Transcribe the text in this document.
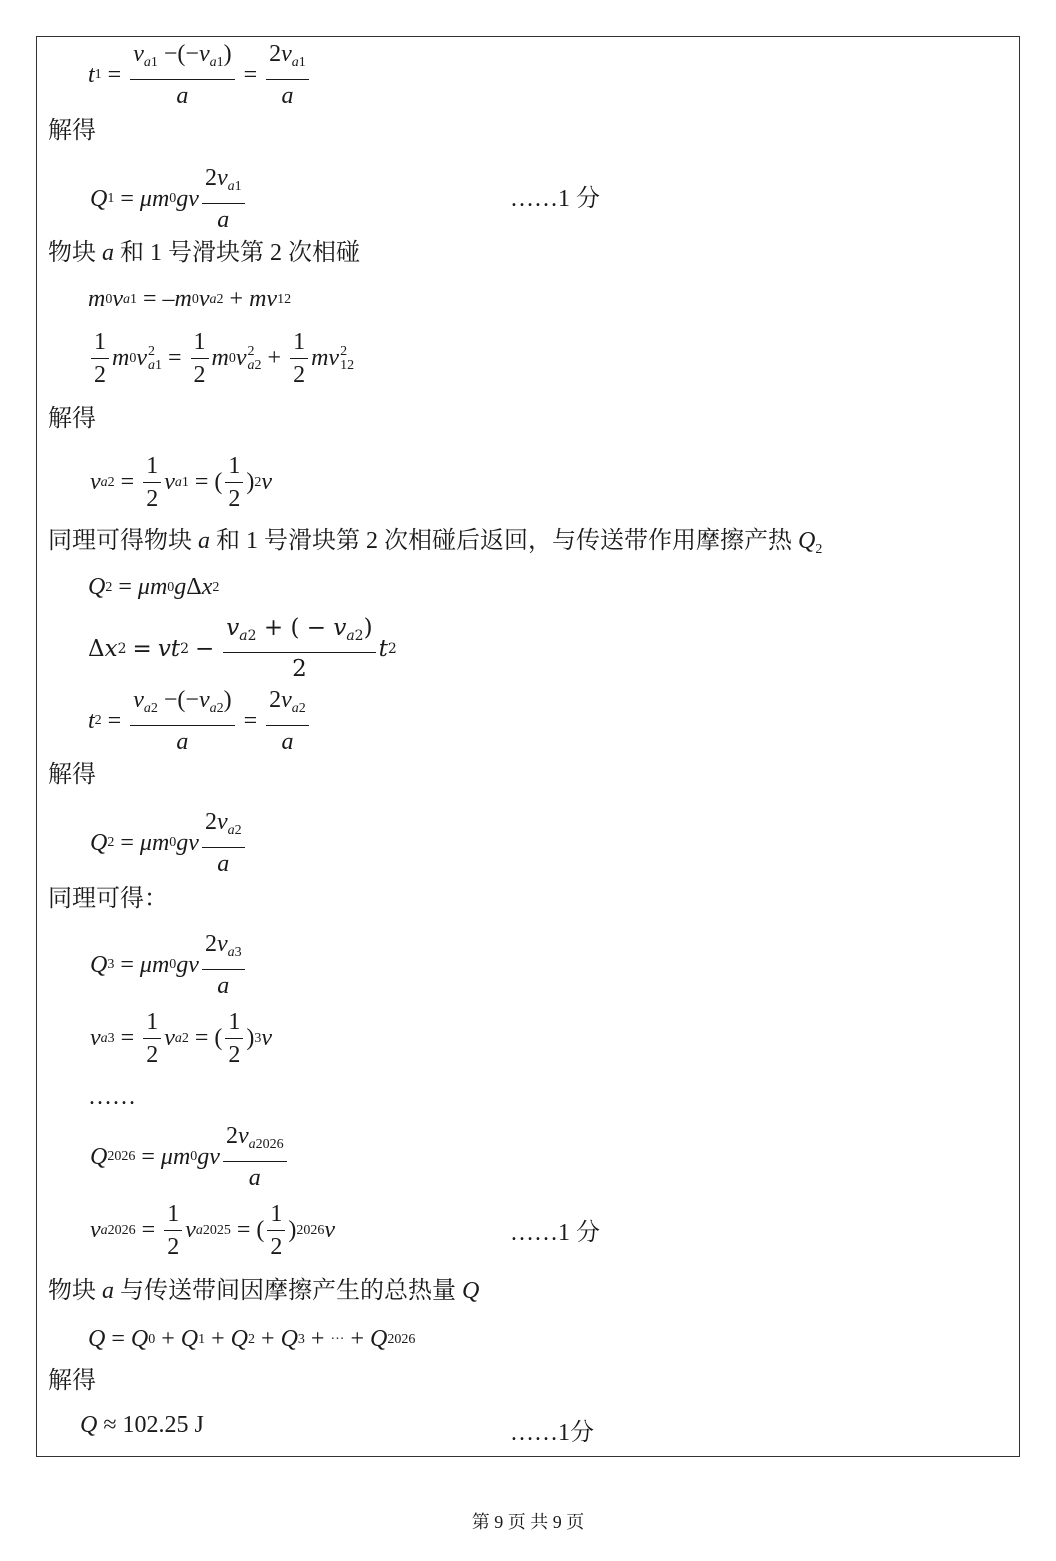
t $1 = \frac{v_{a1} -(-v_{a1})}{a} = \frac{2v_{a1}}{a}$
解得
Q 1 = μm 0 gv $\frac{2v_{a1}}{a}$	……1 分
物块 a 和 1 号滑块第 2 次相碰
m 0 v a1 = – m 0 v a2 + mv 12
$\frac{1}{2}$ m 0 v 2
$a1 = \frac{1}{2}$ m 0 v 2
$a2 + \frac{1}{2}$ mv 2
12
解得
v $a2 = \frac{1}{2}$ v a1 = ( $\frac{1}{2}$ ) 2 v
同理可得物块 a 和 1 号滑块第 2 次相碰后返回，与传送带作用摩擦产热 $Q_2$
Q 2 = μm 0 g Δ x 2
Δ x 2 = vt $2 - \frac{v_{a2} + ( - v_{a2})}{2}$ t 2
t $2 = \frac{v_{a2} -(-v_{a2})}{a} = \frac{2v_{a2}}{a}$
解得
Q 2 = μm 0 gv $\frac{2v_{a2}}{a}$
同理可得：
Q 3 = μm 0 gv $\frac{2v_{a3}}{a}$
v $a3 = \frac{1}{2}$ v a2 = ( $\frac{1}{2}$ ) 3 v
……
Q 2026 = μm 0 gv $\frac{2v_{a2026}}{a}$
v $a2026 = \frac{1}{2}$ v a2025 = ( $\frac{1}{2}$ ) 2026 v	……1 分
物块 a 与传送带间因摩擦产生的总热量 Q
Q = Q 0 + Q 1 + Q 2 + Q 3 + ··· + Q 2026
解得
Q ≈ 102.25 J	……1分
第 9 页 共 9 页
